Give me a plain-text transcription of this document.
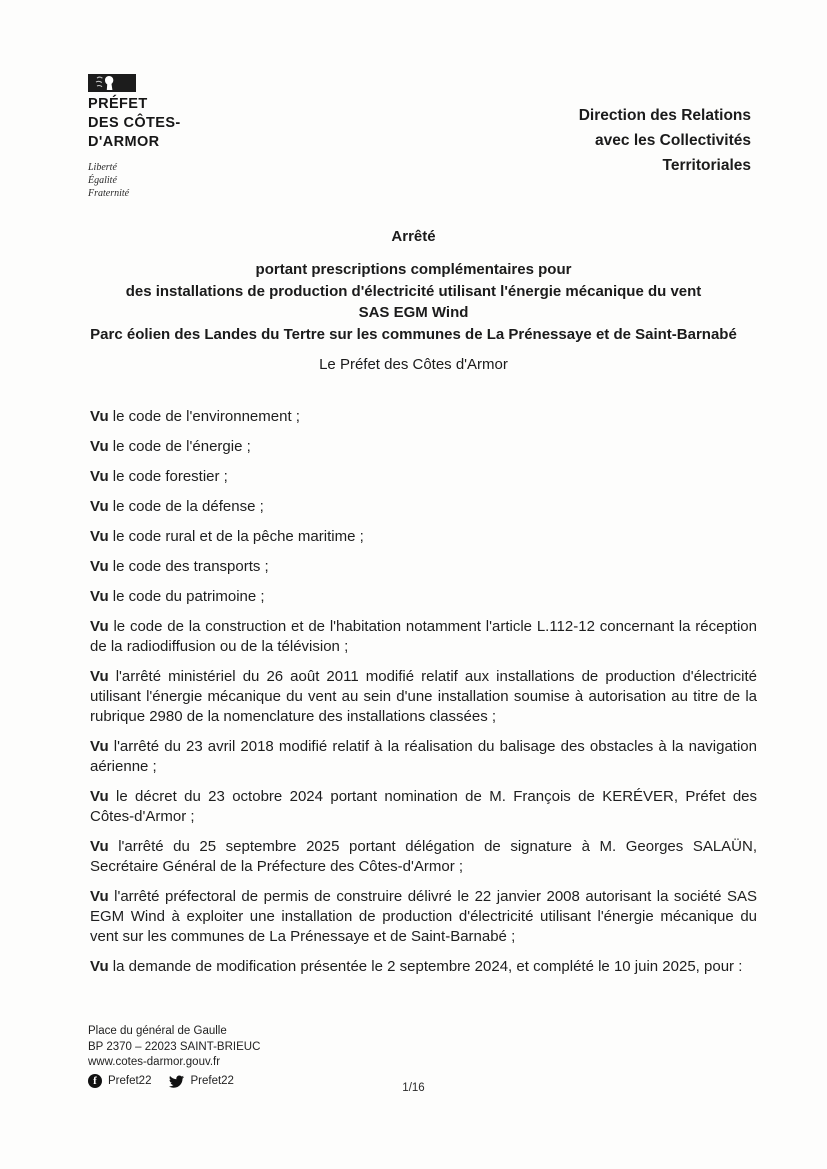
PRÉFET
DES CÔTES-
D'ARMOR
Liberté
Égalité
Fraternité
Direction des Relations
avec les Collectivités
Territoriales

Arrêté

portant prescriptions complémentaires pour

des installations de production d'électricité utilisant l'énergie mécanique du vent

SAS EGM Wind

Parc éolien des Landes du Tertre sur les communes de La Prénessaye et de Saint-Barnabé

Le Préfet des Côtes d'Armor

Vu le code de l'environnement ;

Vu le code de l'énergie ;

Vu le code forestier ;

Vu le code de la défense ;

Vu le code rural et de la pêche maritime ;

Vu le code des transports ;

Vu le code du patrimoine ;

Vu le code de la construction et de l'habitation notamment l'article L.112-12 concernant la réception de la radiodiffusion ou de la télévision ;

Vu l'arrêté ministériel du 26 août 2011 modifié relatif aux installations de production d'électricité utilisant l'énergie mécanique du vent au sein d'une installation soumise à autorisation au titre de la rubrique 2980 de la nomenclature des installations classées ;

Vu l'arrêté du 23 avril 2018 modifié relatif à la réalisation du balisage des obstacles à la navigation aérienne ;

Vu le décret du 23 octobre 2024 portant nomination de M. François de KERÉVER, Préfet des Côtes-d'Armor ;

Vu l'arrêté du 25 septembre 2025 portant délégation de signature à M. Georges SALAÜN, Secrétaire Général de la Préfecture des Côtes-d'Armor ;

Vu l'arrêté préfectoral de permis de construire délivré le 22 janvier 2008 autorisant la société SAS EGM Wind à exploiter une installation de production d'électricité utilisant l'énergie mécanique du vent sur les communes de La Prénessaye et de Saint-Barnabé ;

Vu la demande de modification présentée le 2 septembre 2024, et complété le 10 juin 2025, pour :

Place du général de Gaulle
BP 2370 – 22023 SAINT-BRIEUC
www.cotes-darmor.gouv.fr
f Prefet22	Prefet22
1/16
